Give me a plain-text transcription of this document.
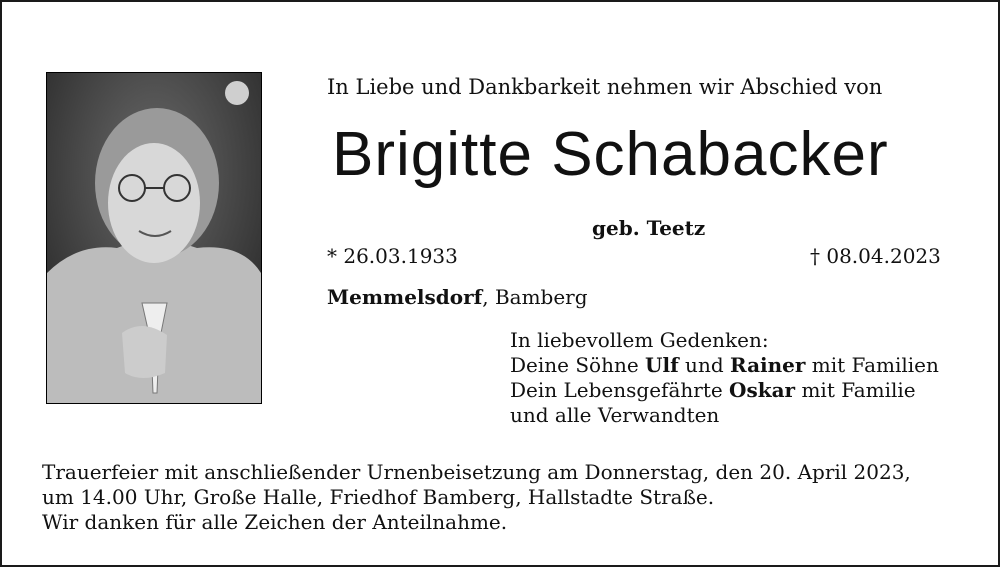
In Liebe und Dankbarkeit nehmen wir Abschied von
Brigitte Schabacker
geb. Teetz
* 26.03.1933	† 08.04.2023
Memmelsdorf, Bamberg
In liebevollem Gedenken:
Deine Söhne Ulf und Rainer mit Familien
Dein Lebensgefährte Oskar mit Familie
und alle Verwandten
Trauerfeier mit anschließender Urnenbeisetzung am Donnerstag, den 20. April 2023,
um 14.00 Uhr, Große Halle, Friedhof Bamberg, Hallstadte Straße.
Wir danken für alle Zeichen der Anteilnahme.
